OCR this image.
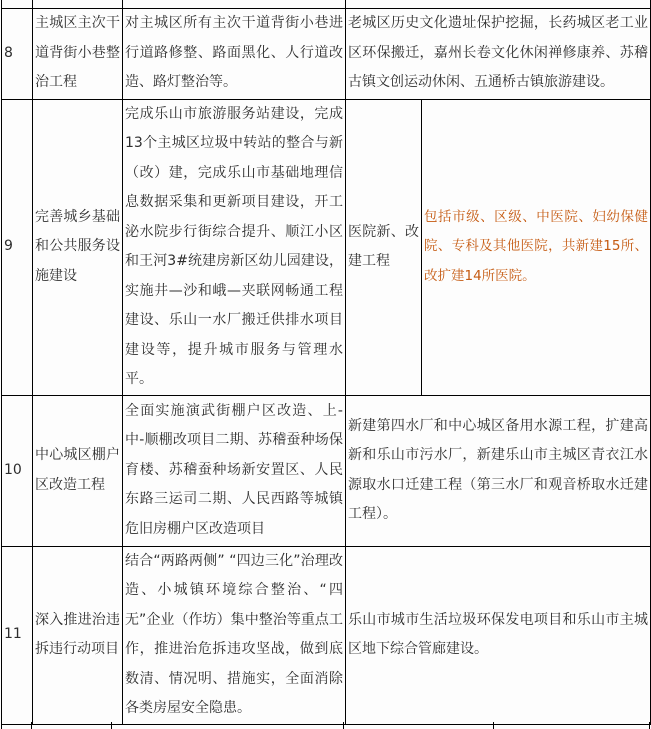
8	主城区主次干道背街小巷整治工程	对主城区所有主次干道背街小巷进行道路修整、路面黑化、人行道改造、路灯整治等。	老城区历史文化遗址保护挖掘，长药城区老工业区环保搬迁，嘉州长卷文化休闲禅修康养、苏稽古镇文创运动休闲、五通桥古镇旅游建设。	
9	完善城乡基础和公共服务设施建设	完成乐山市旅游服务站建设，完成13个主城区垃圾中转站的整合与新（改）建，完成乐山市基础地理信息数据采集和更新项目建设，开工泌水院步行街综合提升、顺江小区和王河3#统建房新区幼儿园建设，实施井—沙和峨—夹联网畅通工程建设、乐山一水厂搬迁供排水项目建设等，提升城市服务与管理水平。	医院新、改建工程	包括市级、区级、中医院、妇幼保健院、专科及其他医院，共新建15所、改扩建14所医院。
10	中心城区棚户区改造工程	全面实施演武街棚户区改造、上-中-顺棚改项目二期、苏稽蚕种场保育楼、苏稽蚕种场新安置区、人民东路三运司二期、人民西路等城镇危旧房棚户区改造项目	新建第四水厂和中心城区备用水源工程，扩建高新和乐山市污水厂，新建乐山市主城区青衣江水源取水口迁建工程（第三水厂和观音桥取水迁建工程）。	
11	深入推进治违拆违行动项目	结合“两路两侧” “四边三化”治理改造、小城镇环境综合整治、“四无”企业（作坊）集中整治等重点工作，推进治危拆违攻坚战，做到底数清、情况明、措施实，全面消除各类房屋安全隐患。	乐山市城市生活垃圾环保发电项目和乐山市主城区地下综合管廊建设。	
